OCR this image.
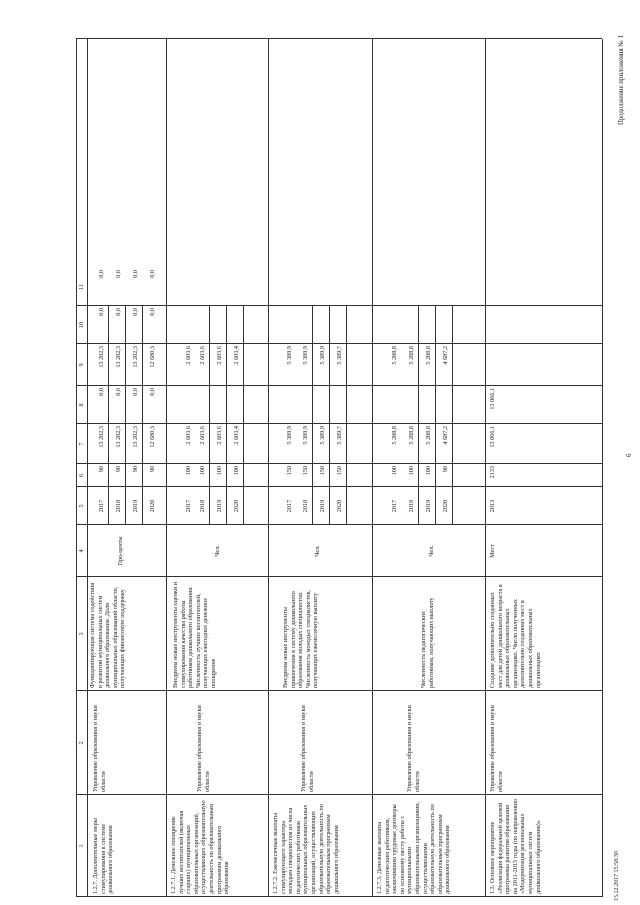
Продолжение приложения № 1
6
15.12.2017 15:58:30
1
2
3
4
5
6
7
8
9
10
11
1.2.7. Дополнительные меры стимулирования в системе дошкольного образования
Управление образования и науки области
Функционирующая система содействия в развитии муниципальных систем дошкольного образования. Доля муниципальных образований области, получающих финансовую поддержку
Про-центы
2017
90
13 202,3
0,0
13 202,3
0,0
0,0
2018
90
13 202,3
0,0
13 202,3
0,0
0,0
2019
90
13 202,3
0,0
13 202,3
0,0
0,0
2020
90
12 680,3
0,0
12 680,3
0,0
0,0
1.2.7.1. Денежное поощрение лучших воспитателей (включая старших) муниципальных образовательных организаций, осуществляющих образовательную деятельность по образовательным программам дошкольного образования
Управление образования и науки области
Внедрены новые инструменты оценки и стимулирования качества работы работников дошкольного образования. Численность лучших воспитателей, получающих ежегодное денежное поощрение
Чел.
2017
100
2 603,6
2 603,6
2018
100
2 603,6
2 603,6
2019
100
2 603,6
2 603,6
2020
100
2 603,4
2 603,4
1.2.7.2. Ежемесячные выплаты стимулирующего характера молодым специалистам из числа педагогических работников муниципальных образовательных организаций, осуществляющих образовательную деятельность по образовательным программам дошкольного образования
Управление образования и науки области
Внедрены новые инструменты привлечения в систему дошкольного образования молодых специалистов. Численность молодых специалистов, получающих ежемесячную выплату
Чел.
2017
150
5 389,9
5 389,9
2018
150
5 389,9
5 389,9
2019
150
5 389,9
5 389,9
2020
150
5 389,7
5 389,7
1.2.7.3. Денежные выплаты педагогическим работникам, заключившим трудовые договоры по основному месту работы с муниципальными образовательными организациями, осуществляющими образовательную деятельность по образовательным программам дошкольного образования
Управление образования и науки области
Численность педагогических работников, получающих выплату
Чел.
2017
100
5 208,8
5 208,8
2018
100
5 208,8
5 208,8
2019
100
5 208,8
5 208,8
2020
90
4 687,2
4 687,2
1.3. Основное мероприятие «Реализация федеральной целевой программы развития образования на 2011-2015 годы (по направлению «Модернизация региональных муниципальных систем дошкольного образования)»
Управление образования и науки области
Создание дополнительно созданных мест для детей дошкольного возраста в дошкольных образовательных организациях. Число полученных дополнительно созданных мест в дошкольных образовательных организациях
Мест
2013
2133
13 066,1
13 066,1
